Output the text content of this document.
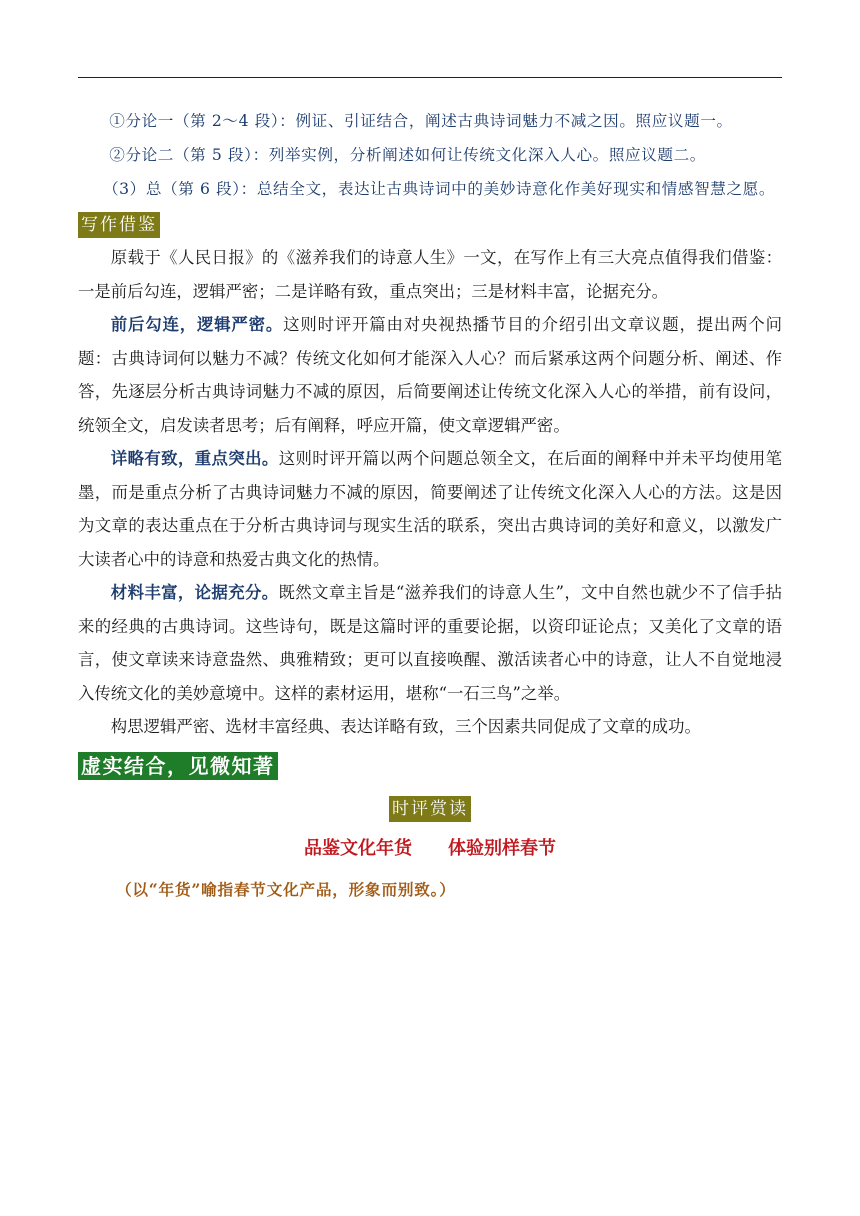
①分论一（第 2～4 段）：例证、引证结合，阐述古典诗词魅力不减之因。照应议题一。

②分论二（第 5 段）：列举实例，分析阐述如何让传统文化深入人心。照应议题二。

（3）总（第 6 段）：总结全文，表达让古典诗词中的美妙诗意化作美好现实和情感智慧之愿。

写作借鉴

原载于《人民日报》的《滋养我们的诗意人生》一文，在写作上有三大亮点值得我们借鉴：一是前后勾连，逻辑严密；二是详略有致，重点突出；三是材料丰富，论据充分。

前后勾连，逻辑严密。这则时评开篇由对央视热播节目的介绍引出文章议题，提出两个问题：古典诗词何以魅力不减？传统文化如何才能深入人心？而后紧承这两个问题分析、阐述、作答，先逐层分析古典诗词魅力不减的原因，后简要阐述让传统文化深入人心的举措，前有设问，统领全文，启发读者思考；后有阐释，呼应开篇，使文章逻辑严密。

详略有致，重点突出。这则时评开篇以两个问题总领全文，在后面的阐释中并未平均使用笔墨，而是重点分析了古典诗词魅力不减的原因，简要阐述了让传统文化深入人心的方法。这是因为文章的表达重点在于分析古典诗词与现实生活的联系，突出古典诗词的美好和意义，以激发广大读者心中的诗意和热爱古典文化的热情。

材料丰富，论据充分。既然文章主旨是“滋养我们的诗意人生”，文中自然也就少不了信手拈来的经典的古典诗词。这些诗句，既是这篇时评的重要论据，以资印证论点；又美化了文章的语言，使文章读来诗意盎然、典雅精致；更可以直接唤醒、激活读者心中的诗意，让人不自觉地浸入传统文化的美妙意境中。这样的素材运用，堪称“一石三鸟”之举。

构思逻辑严密、选材丰富经典、表达详略有致，三个因素共同促成了文章的成功。

虚实结合，见微知著
时评赏读
品鉴文化年货 体验别样春节
（以“年货”喻指春节文化产品，形象而别致。）
